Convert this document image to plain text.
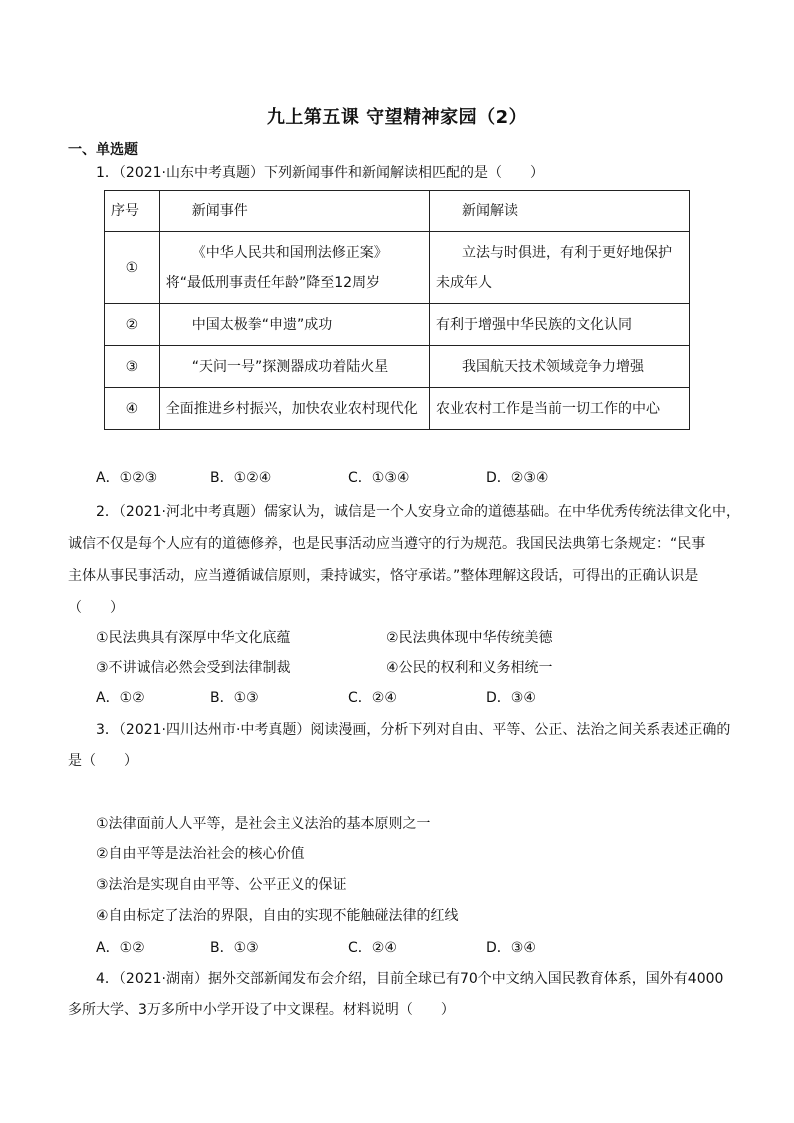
九上第五课 守望精神家园（2）
一、单选题
1．（2021·山东中考真题）下列新闻事件和新闻解读相匹配的是（　　）
序号	新闻事件	新闻解读
①	《中华人民共和国刑法修正案》将“最低刑事责任年龄”降至12周岁	立法与时俱进，有利于更好地保护未成年人
②	中国太极拳“申遗”成功	有利于增强中华民族的文化认同
③	“天问一号”探测器成功着陆火星	我国航天技术领域竞争力增强
④	全面推进乡村振兴，加快农业农村现代化	农业农村工作是当前一切工作的中心
A．①②③	B．①②④	C．①③④	D．②③④
2．（2021·河北中考真题）儒家认为，诚信是一个人安身立命的道德基础。在中华优秀传统法律文化中，
诚信不仅是每个人应有的道德修养，也是民事活动应当遵守的行为规范。我国民法典第七条规定：“民事
主体从事民事活动，应当遵循诚信原则，秉持诚实，恪守承诺。”整体理解这段话，可得出的正确认识是
（　　）
①民法典具有深厚中华文化底蕴	②民法典体现中华传统美德
③不讲诚信必然会受到法律制裁	④公民的权利和义务相统一
A．①②	B．①③	C．②④	D．③④
3．（2021·四川达州市·中考真题）阅读漫画，分析下列对自由、平等、公正、法治之间关系表述正确的
是（　　）
①法律面前人人平等，是社会主义法治的基本原则之一
②自由平等是法治社会的核心价值
③法治是实现自由平等、公平正义的保证
④自由标定了法治的界限，自由的实现不能触碰法律的红线
A．①②	B．①③	C．②④	D．③④
4．（2021·湖南）据外交部新闻发布会介绍，目前全球已有70个中文纳入国民教育体系，国外有4000
多所大学、3万多所中小学开设了中文课程。材料说明（　　）
